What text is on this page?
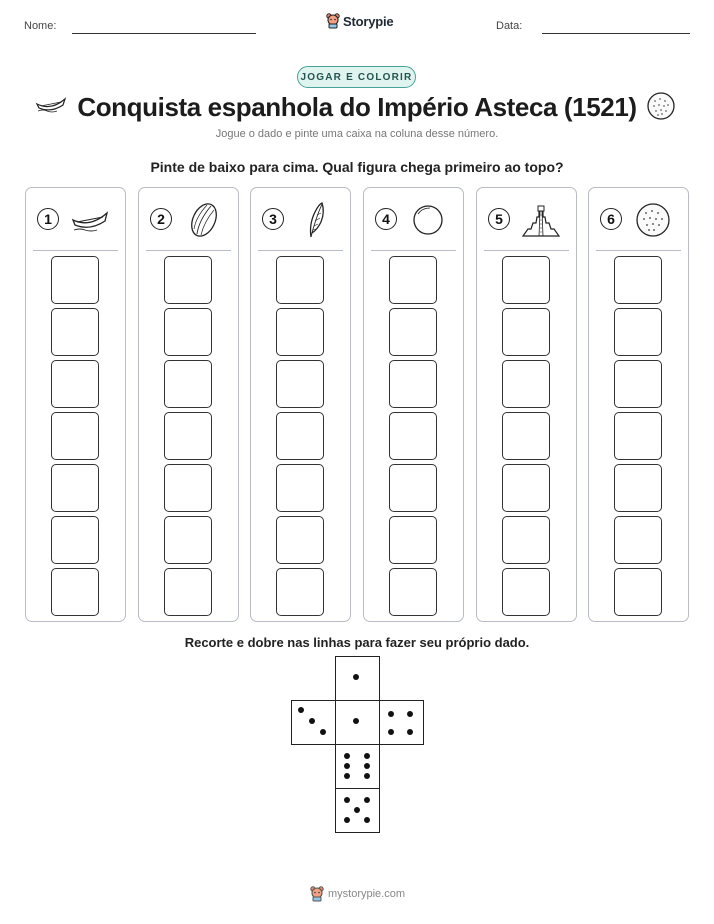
Nome:	Storypie	Data:
JOGAR E COLORIR
Conquista espanhola do Império Asteca (1521)
Jogue o dado e pinte uma caixa na coluna desse número.
Pinte de baixo para cima. Qual figura chega primeiro ao topo?
1	2	3	4	5	6
Recorte e dobre nas linhas para fazer seu próprio dado.
mystorypie.com
